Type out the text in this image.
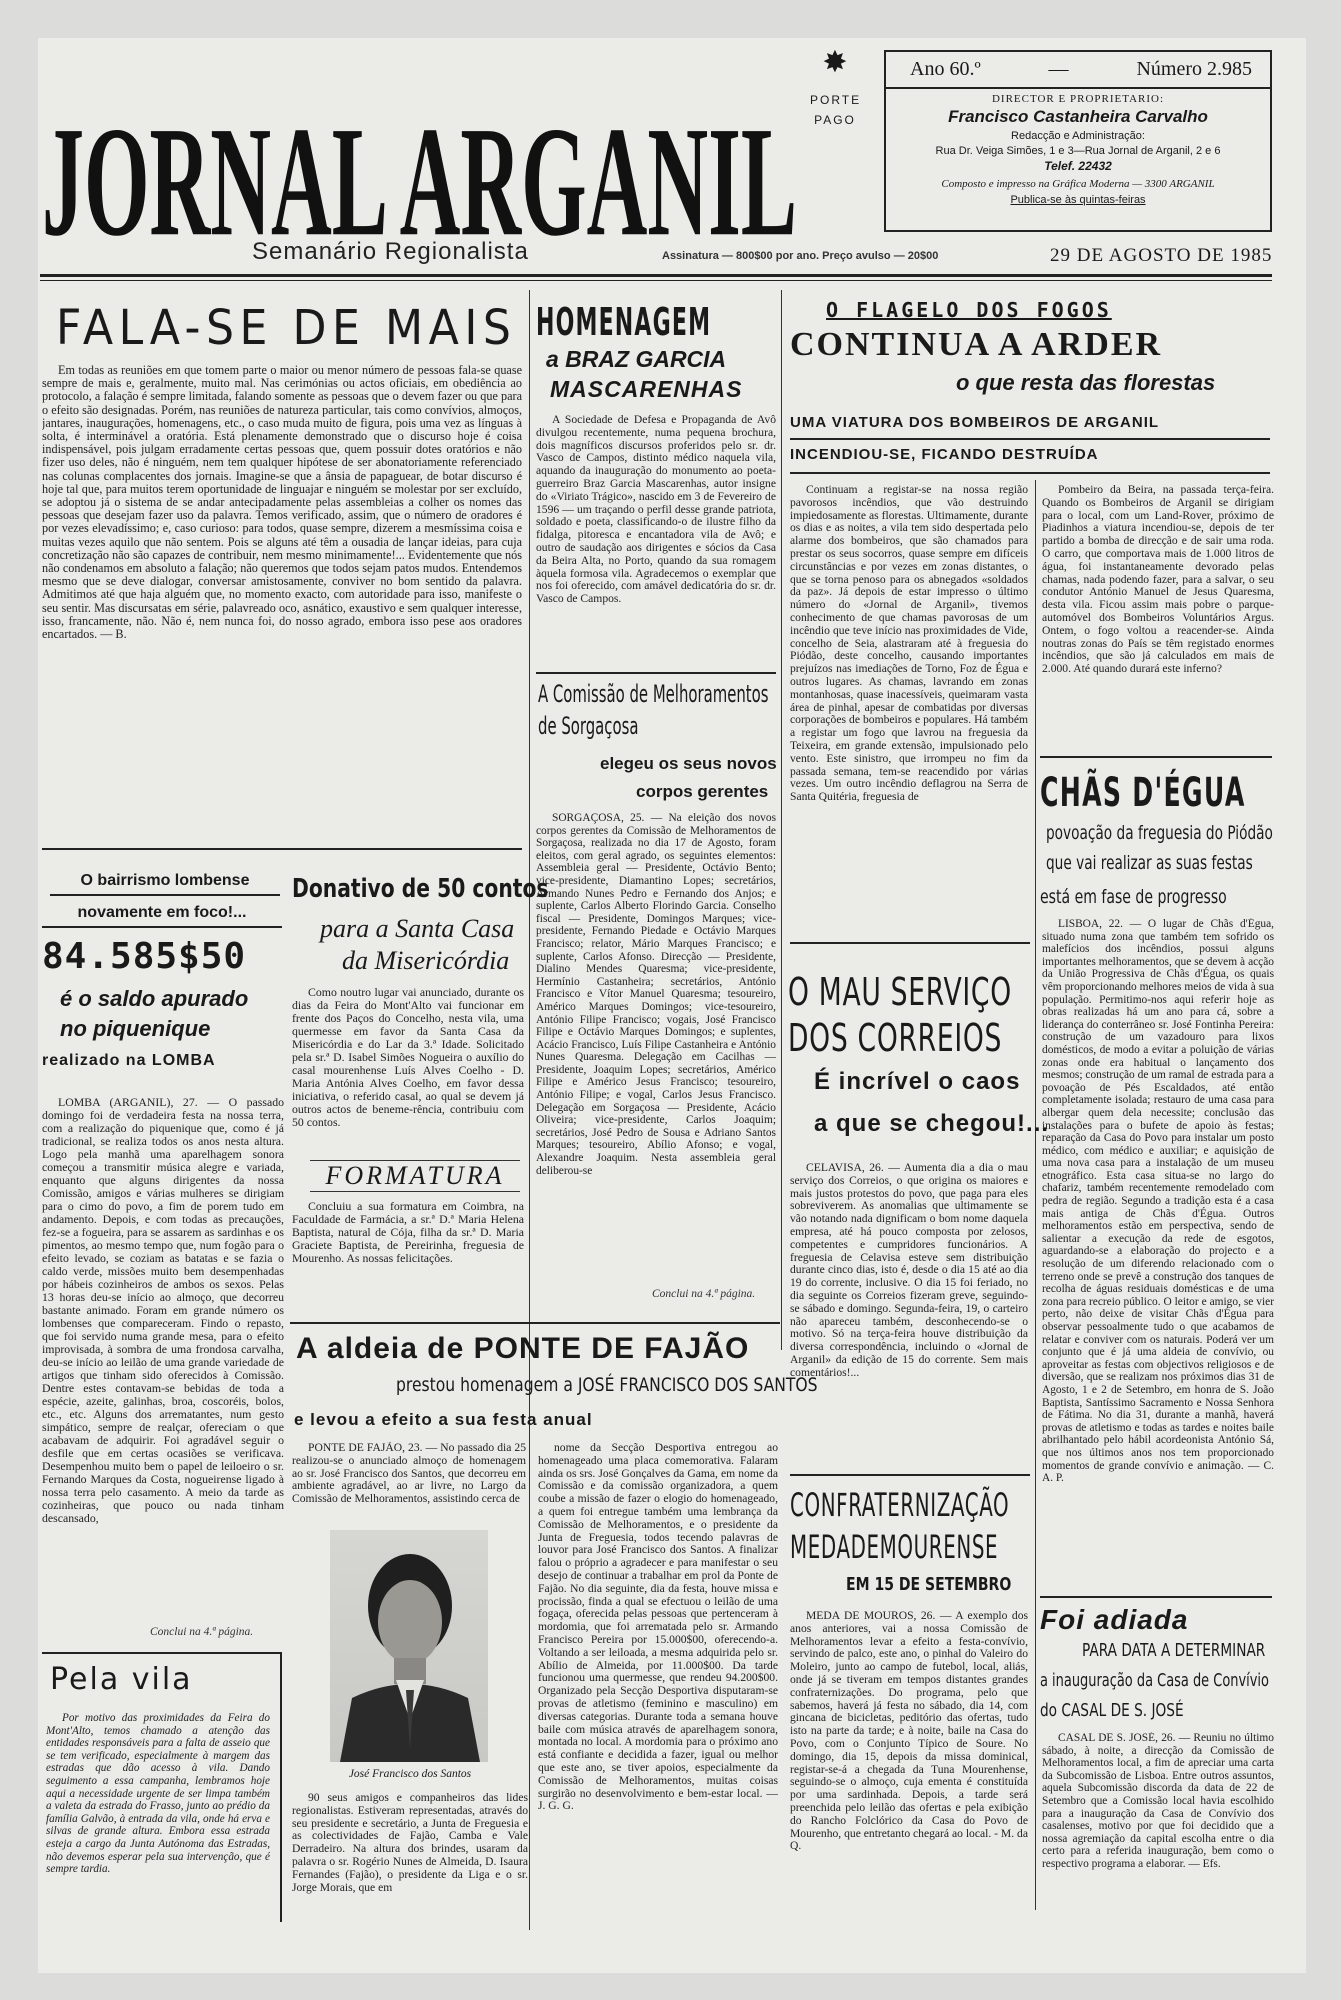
JORNAL ARGANIL
Semanário Regionalista
✸
PORTE PAGO
Ano 60.º	—	Número 2.985
DIRECTOR E PROPRIETARIO:
Francisco Castanheira Carvalho
Redacção e Administração:
Rua Dr. Veiga Simões, 1 e 3—Rua Jornal de Arganil, 2 e 6
Telef. 22432
Composto e impresso na Gráfica Moderna — 3300 ARGANIL
Publica-se às quintas-feiras
Assinatura — 800$00 por ano. Preço avulso — 20$00	29 DE AGOSTO DE 1985
FALA-SE DE MAIS
Em todas as reuniões em que tomem parte o maior ou menor número de pessoas fala-se quase sempre de mais e, geralmente, muito mal. Nas cerimónias ou actos oficiais, em obediência ao protocolo, a falação é sempre limitada, falando somente as pessoas que o devem fazer ou que para o efeito são designadas. Porém, nas reuniões de natureza particular, tais como convívios, almoços, jantares, inaugurações, homenagens, etc., o caso muda muito de figura, pois uma vez as línguas à solta, é interminável a oratória. Está plenamente demonstrado que o discurso hoje é coisa indispensável, pois julgam erradamente certas pessoas que, quem possuir dotes oratórios e não fizer uso deles, não é ninguém, nem tem qualquer hipótese de ser abonatoriamente referenciado nas colunas complacentes dos jornais. Imagine-se que a ânsia de papaguear, de botar discurso é hoje tal que, para muitos terem oportunidade de linguajar e ninguém se molestar por ser excluído, se adoptou já o sistema de se andar antecipadamente pelas assembleias a colher os nomes das pessoas que desejam fazer uso da palavra. Temos verificado, assim, que o número de oradores é por vezes elevadíssimo; e, caso curioso: para todos, quase sempre, dizerem a mesmíssima coisa e muitas vezes aquilo que não sentem. Pois se alguns até têm a ousadia de lançar ideias, para cuja concretização não são capazes de contribuir, nem mesmo minimamente!... Evidentemente que nós não condenamos em absoluto a falação; não queremos que todos sejam patos mudos. Entendemos mesmo que se deve dialogar, conversar amistosamente, conviver no bom sentido da palavra. Admitimos até que haja alguém que, no momento exacto, com autoridade para isso, manifeste o seu sentir. Mas discursatas em série, palavreado oco, asnático, exaustivo e sem qualquer interesse, isso, francamente, não. Não é, nem nunca foi, do nosso agrado, embora isso pese aos oradores encartados. — B.
O bairrismo lombense
novamente em foco!...
84.585$50
é o saldo apurado
no piquenique
realizado na LOMBA
LOMBA (ARGANIL), 27. — O passado domingo foi de verdadeira festa na nossa terra, com a realização do piquenique que, como é já tradicional, se realiza todos os anos nesta altura. Logo pela manhã uma aparelhagem sonora começou a transmitir música alegre e variada, enquanto que alguns dirigentes da nossa Comissão, amigos e várias mulheres se dirigiam para o cimo do povo, a fim de porem tudo em andamento. Depois, e com todas as precauções, fez-se a fogueira, para se assarem as sardinhas e os pimentos, ao mesmo tempo que, num fogão para o efeito levado, se coziam as batatas e se fazia o caldo verde, missões muito bem desempenhadas por hábeis cozinheiros de ambos os sexos. Pelas 13 horas deu-se início ao almoço, que decorreu bastante animado. Foram em grande número os lombenses que compareceram. Findo o repasto, que foi servido numa grande mesa, para o efeito improvisada, à sombra de uma frondosa carvalha, deu-se início ao leilão de uma grande variedade de artigos que tinham sido oferecidos à Comissão. Dentre estes contavam-se bebidas de toda a espécie, azeite, galinhas, broa, coscoréis, bolos, etc., etc. Alguns dos arrematantes, num gesto simpático, sempre de realçar, ofereciam o que acabavam de adquirir. Foi agradável seguir o desfile que em certas ocasiões se verificava. Desempenhou muito bem o papel de leiloeiro o sr. Fernando Marques da Costa, nogueirense ligado à nossa terra pelo casamento. A meio da tarde as cozinheiras, que pouco ou nada tinham descansado,
Conclui na 4.ª página.
Pela vila
Por motivo das proximidades da Feira do Mont'Alto, temos chamado a atenção das entidades responsáveis para a falta de asseio que se tem verificado, especialmente à margem das estradas que dão acesso à vila. Dando seguimento a essa campanha, lembramos hoje aqui a necessidade urgente de ser limpa também a valeta da estrada do Frasso, junto ao prédio da família Galvão, à entrada da vila, onde há erva e silvas de grande altura. Embora essa estrada esteja a cargo da Junta Autónoma das Estradas, não devemos esperar pela sua intervenção, que é sempre tardia.
Donativo de 50 contos
para a Santa Casa
da Misericórdia
Como noutro lugar vai anunciado, durante os dias da Feira do Mont'Alto vai funcionar em frente dos Paços do Concelho, nesta vila, uma quermesse em favor da Santa Casa da Misericórdia e do Lar da 3.ª Idade. Solicitado pela sr.ª D. Isabel Simões Nogueira o auxílio do casal mourenhense Luís Alves Coelho - D. Maria Antónia Alves Coelho, em favor dessa iniciativa, o referido casal, ao qual se devem já outros actos de beneme-rência, contribuiu com 50 contos.
FORMATURA
Concluiu a sua formatura em Coimbra, na Faculdade de Farmácia, a sr.ª D.ª Maria Helena Baptista, natural de Cója, filha da sr.ª D. Maria Graciete Baptista, de Pereirinha, freguesia de Mourenho. As nossas felicitações.
HOMENAGEM
a BRAZ GARCIA
MASCARENHAS
A Sociedade de Defesa e Propaganda de Avô divulgou recentemente, numa pequena brochura, dois magníficos discursos proferidos pelo sr. dr. Vasco de Campos, distinto médico naquela vila, aquando da inauguração do monumento ao poeta-guerreiro Braz Garcia Mascarenhas, autor insigne do «Viriato Trágico», nascido em 3 de Fevereiro de 1596 — um traçando o perfil desse grande patriota, soldado e poeta, classificando-o de ilustre filho da fidalga, pitoresca e encantadora vila de Avô; e outro de saudação aos dirigentes e sócios da Casa da Beira Alta, no Porto, quando da sua romagem àquela formosa vila. Agradecemos o exemplar que nos foi oferecido, com amável dedicatória do sr. dr. Vasco de Campos.
A Comissão de Melhoramentos
de Sorgaçosa
elegeu os seus novos
corpos gerentes
SORGAÇOSA, 25. — Na eleição dos novos corpos gerentes da Comissão de Melhoramentos de Sorgaçosa, realizada no dia 17 de Agosto, foram eleitos, com geral agrado, os seguintes elementos: Assembleia geral — Presidente, Octávio Bento; vice-presidente, Diamantino Lopes; secretários, Armando Nunes Pedro e Fernando dos Anjos; e suplente, Carlos Alberto Florindo Garcia. Conselho fiscal — Presidente, Domingos Marques; vice-presidente, Fernando Piedade e Octávio Marques Francisco; relator, Mário Marques Francisco; e suplente, Carlos Afonso. Direcção — Presidente, Dialino Mendes Quaresma; vice-presidente, Hermínio Castanheira; secretários, António Francisco e Vítor Manuel Quaresma; tesoureiro, Américo Marques Domingos; vice-tesoureiro, António Filipe Francisco; vogais, José Francisco Filipe e Octávio Marques Domingos; e suplentes, Acácio Francisco, Luís Filipe Castanheira e António Nunes Quaresma. Delegação em Cacilhas — Presidente, Joaquim Lopes; secretários, Américo Filipe e Américo Jesus Francisco; tesoureiro, António Filipe; e vogal, Carlos Jesus Francisco. Delegação em Sorgaçosa — Presidente, Acácio Oliveira; vice-presidente, Carlos Joaquim; secretários, José Pedro de Sousa e Adriano Santos Marques; tesoureiro, Abílio Afonso; e vogal, Alexandre Joaquim. Nesta assembleia geral deliberou-se
Conclui na 4.ª página.
A aldeia de PONTE DE FAJÃO
prestou homenagem a JOSÉ FRANCISCO DOS SANTOS
e levou a efeito a sua festa anual
PONTE DE FAJÃO, 23. — No passado dia 25 realizou-se o anunciado almoço de homenagem ao sr. José Francisco dos Santos, que decorreu em ambiente agradável, ao ar livre, no Largo da Comissão de Melhoramentos, assistindo cerca de
José Francisco dos Santos
90 seus amigos e companheiros das lides regionalistas. Estiveram representadas, através do seu presidente e secretário, a Junta de Freguesia e as colectividades de Fajão, Camba e Vale Derradeiro. Na altura dos brindes, usaram da palavra o sr. Rogério Nunes de Almeida, D. Isaura Fernandes (Fajão), o presidente da Liga e o sr. Jorge Morais, que em
nome da Secção Desportiva entregou ao homenageado uma placa comemorativa. Falaram ainda os srs. José Gonçalves da Gama, em nome da Comissão e da comissão organizadora, a quem coube a missão de fazer o elogio do homenageado, a quem foi entregue também uma lembrança da Comissão de Melhoramentos, e o presidente da Junta de Freguesia, todos tecendo palavras de louvor para José Francisco dos Santos. A finalizar falou o próprio a agradecer e para manifestar o seu desejo de continuar a trabalhar em prol da Ponte de Fajão. No dia seguinte, dia da festa, houve missa e procissão, finda a qual se efectuou o leilão de uma fogaça, oferecida pelas pessoas que pertenceram à mordomia, que foi arrematada pelo sr. Armando Francisco Pereira por 15.000$00, oferecendo-a. Voltando a ser leiloada, a mesma adquirida pelo sr. Abílio de Almeida, por 11.000$00. Da tarde funcionou uma quermesse, que rendeu 94.200$00. Organizado pela Secção Desportiva disputaram-se provas de atletismo (feminino e masculino) em diversas categorias. Durante toda a semana houve baile com música através de aparelhagem sonora, montada no local. A mordomia para o próximo ano está confiante e decidida a fazer, igual ou melhor que este ano, se tiver apoios, especialmente da Comissão de Melhoramentos, muitas coisas surgirão no desenvolvimento e bem-estar local. — J. G. G.
O FLAGELO DOS FOGOS
CONTINUA A ARDER
o que resta das florestas
UMA VIATURA DOS BOMBEIROS DE ARGANIL
INCENDIOU-SE, FICANDO DESTRUÍDA
Continuam a registar-se na nossa região pavorosos incêndios, que vão destruindo impiedosamente as florestas. Ultimamente, durante os dias e as noites, a vila tem sido despertada pelo alarme dos bombeiros, que são chamados para prestar os seus socorros, quase sempre em difíceis circunstâncias e por vezes em zonas distantes, o que se torna penoso para os abnegados «soldados da paz». Já depois de estar impresso o último número do «Jornal de Arganil», tivemos conhecimento de que chamas pavorosas de um incêndio que teve início nas proximidades de Vide, concelho de Seia, alastraram até à freguesia do Piódão, deste concelho, causando importantes prejuízos nas imediações de Torno, Foz de Égua e outros lugares. As chamas, lavrando em zonas montanhosas, quase inacessíveis, queimaram vasta área de pinhal, apesar de combatidas por diversas corporações de bombeiros e populares. Há também a registar um fogo que lavrou na freguesia da Teixeira, em grande extensão, impulsionado pelo vento. Este sinistro, que irrompeu no fim da passada semana, tem-se reacendido por várias vezes. Um outro incêndio deflagrou na Serra de Santa Quitéria, freguesia de
Pombeiro da Beira, na passada terça-feira. Quando os Bombeiros de Arganil se dirigiam para o local, com um Land-Rover, próximo de Piadinhos a viatura incendiou-se, depois de ter partido a bomba de direcção e de sair uma roda. O carro, que comportava mais de 1.000 litros de água, foi instantaneamente devorado pelas chamas, nada podendo fazer, para a salvar, o seu condutor António Manuel de Jesus Quaresma, desta vila. Ficou assim mais pobre o parque-automóvel dos Bombeiros Voluntários Argus. Ontem, o fogo voltou a reacender-se. Ainda noutras zonas do País se têm registado enormes incêndios, que são já calculados em mais de 2.000. Até quando durará este inferno?
O MAU SERVIÇO
DOS CORREIOS
É incrível o caos
a que se chegou!...
CELAVISA, 26. — Aumenta dia a dia o mau serviço dos Correios, o que origina os maiores e mais justos protestos do povo, que paga para eles sobreviverem. As anomalias que ultimamente se vão notando nada dignificam o bom nome daquela empresa, até há pouco composta por zelosos, competentes e cumpridores funcionários. A freguesia de Celavisa esteve sem distribuição durante cinco dias, isto é, desde o dia 15 até ao dia 19 do corrente, inclusive. O dia 15 foi feriado, no dia seguinte os Correios fizeram greve, seguindo-se sábado e domingo. Segunda-feira, 19, o carteiro não apareceu também, desconhecendo-se o motivo. Só na terça-feira houve distribuição da diversa correspondência, incluindo o «Jornal de Arganil» da edição de 15 do corrente. Sem mais comentários!...
CONFRATERNIZAÇÃO
MEDADEMOURENSE
EM 15 DE SETEMBRO
MEDA DE MOUROS, 26. — A exemplo dos anos anteriores, vai a nossa Comissão de Melhoramentos levar a efeito a festa-convívio, servindo de palco, este ano, o pinhal do Valeiro do Moleiro, junto ao campo de futebol, local, aliás, onde já se tiveram em tempos distantes grandes confraternizações. Do programa, pelo que sabemos, haverá já festa no sábado, dia 14, com gincana de bicicletas, peditório das ofertas, tudo isto na parte da tarde; e à noite, baile na Casa do Povo, com o Conjunto Típico de Soure. No domingo, dia 15, depois da missa dominical, registar-se-á a chegada da Tuna Mourenhense, seguindo-se o almoço, cuja ementa é constituída por uma sardinhada. Depois, a tarde será preenchida pelo leilão das ofertas e pela exibição do Rancho Folclórico da Casa do Povo de Mourenho, que entretanto chegará ao local. - M. da Q.
CHÃS D'ÉGUA
povoação da freguesia do Piódão
que vai realizar as suas festas
está em fase de progresso
LISBOA, 22. — O lugar de Chãs d'Égua, situado numa zona que também tem sofrido os malefícios dos incêndios, possui alguns importantes melhoramentos, que se devem à acção da União Progressiva de Chãs d'Égua, os quais vêm proporcionando melhores meios de vida à sua população. Permitimo-nos aqui referir hoje as obras realizadas há um ano para cá, sobre a liderança do conterrâneo sr. José Fontinha Pereira: construção de um vazadouro para lixos domésticos, de modo a evitar a poluição de várias zonas onde era habitual o lançamento dos mesmos; construção de um ramal de estrada para a povoação de Pés Escaldados, até então completamente isolada; restauro de uma casa para albergar quem dela necessite; conclusão das instalações para o bufete de apoio às festas; reparação da Casa do Povo para instalar um posto médico, com médico e auxiliar; e aquisição de uma nova casa para a instalação de um museu etnográfico. Esta casa situa-se no largo do chafariz, também recentemente remodelado com pedra de região. Segundo a tradição esta é a casa mais antiga de Chãs d'Égua. Outros melhoramentos estão em perspectiva, sendo de salientar a execução da rede de esgotos, aguardando-se a elaboração do projecto e a resolução de um diferendo relacionado com o terreno onde se prevê a construção dos tanques de recolha de águas residuais domésticas e de uma zona para recreio público. O leitor e amigo, se vier perto, não deixe de visitar Chãs d'Égua para observar pessoalmente tudo o que acabamos de relatar e conviver com os naturais. Poderá ver um conjunto que é já uma aldeia de convívio, ou aproveitar as festas com objectivos religiosos e de diversão, que se realizam nos próximos dias 31 de Agosto, 1 e 2 de Setembro, em honra de S. João Baptista, Santíssimo Sacramento e Nossa Senhora de Fátima. No dia 31, durante a manhã, haverá provas de atletismo e todas as tardes e noites baile abrilhantado pelo hábil acordeonista António Sá, que nos últimos anos nos tem proporcionado momentos de grande convívio e animação. — C. A. P.
Foi adiada
PARA DATA A DETERMINAR
a inauguração da Casa de Convívio
do CASAL DE S. JOSÉ
CASAL DE S. JOSÉ, 26. — Reuniu no último sábado, à noite, a direcção da Comissão de Melhoramentos local, a fim de apreciar uma carta da Subcomissão de Lisboa. Entre outros assuntos, aquela Subcomissão discorda da data de 22 de Setembro que a Comissão local havia escolhido para a inauguração da Casa de Convívio dos casalenses, motivo por que foi decidido que a nossa agremiação da capital escolha entre o dia certo para a referida inauguração, bem como o respectivo programa a elaborar. — Efs.
